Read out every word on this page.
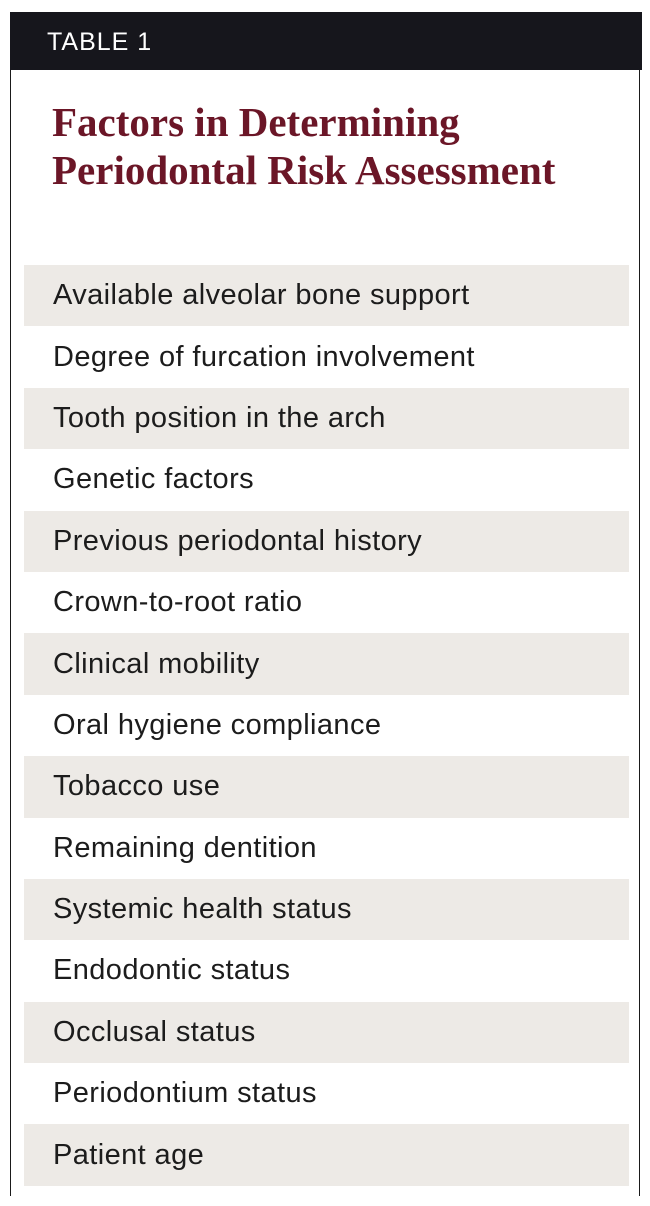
TABLE 1
Factors in Determining Periodontal Risk Assessment
Available alveolar bone support
Degree of furcation involvement
Tooth position in the arch
Genetic factors
Previous periodontal history
Crown-to-root ratio
Clinical mobility
Oral hygiene compliance
Tobacco use
Remaining dentition
Systemic health status
Endodontic status
Occlusal status
Periodontium status
Patient age
